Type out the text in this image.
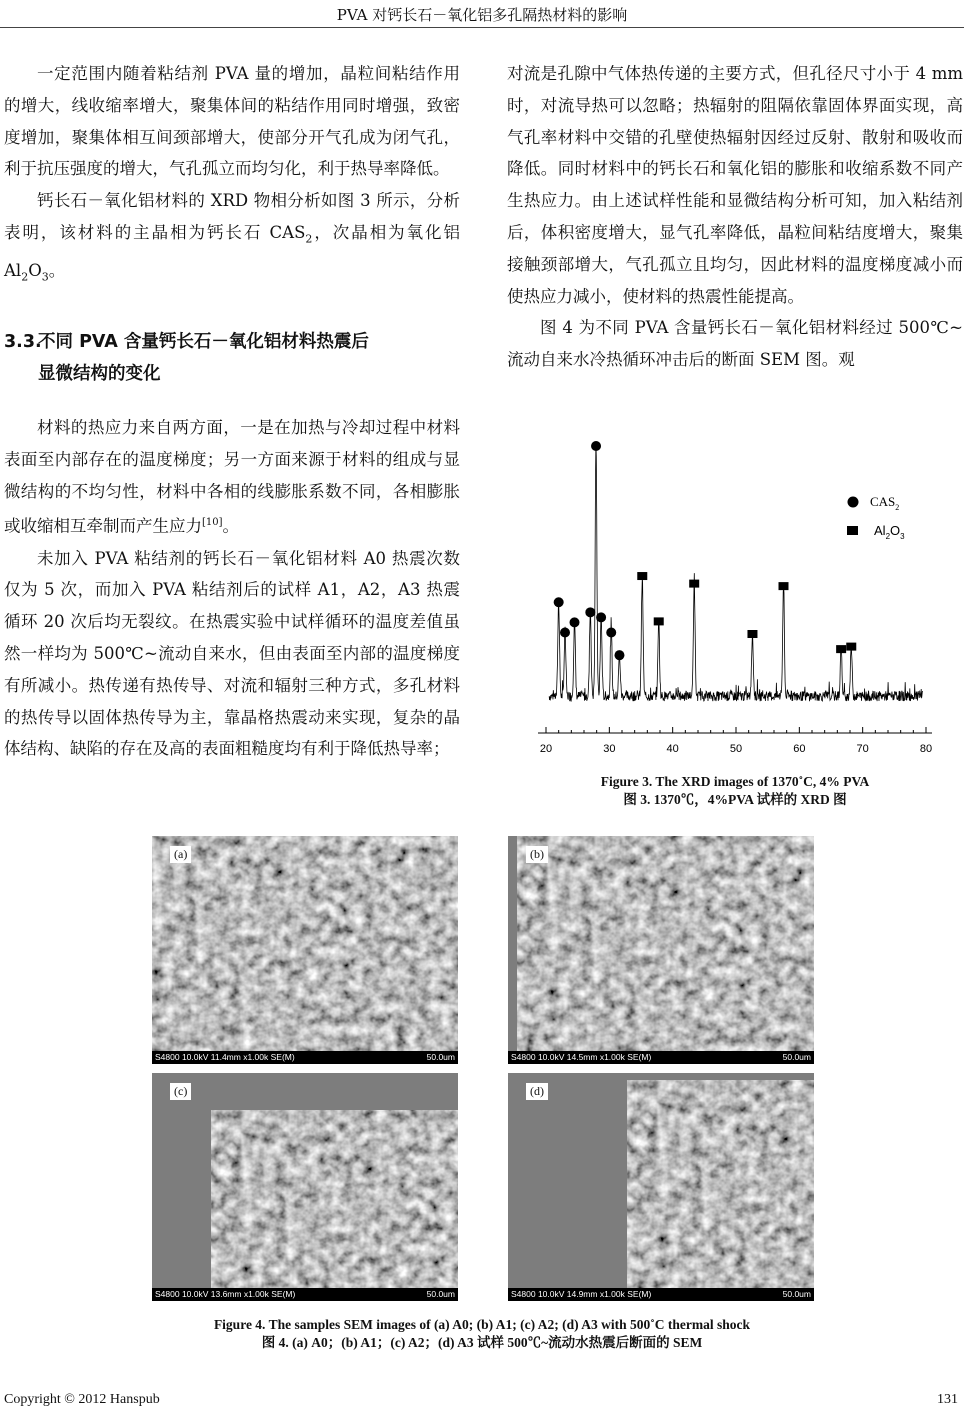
PVA 对钙长石－氧化铝多孔隔热材料的影响

一定范围内随着粘结剂 PVA 量的增加，晶粒间粘结作用的增大，线收缩率增大，聚集体间的粘结作用同时增强，致密度增加，聚集体相互间颈部增大，使部分开气孔成为闭气孔，利于抗压强度的增大，气孔孤立而均匀化，利于热导率降低。

钙长石－氧化铝材料的 XRD 物相分析如图 3 所示，分析表明，该材料的主晶相为钙长石 $CAS_2$，次晶相为氧化铝 $Al_2O_3$。

3.3.不同 PVA 含量钙长石－氧化铝材料热震后
显微结构的变化

材料的热应力来自两方面，一是在加热与冷却过程中材料表面至内部存在的温度梯度；另一方面来源于材料的组成与显微结构的不均匀性，材料中各相的线膨胀系数不同，各相膨胀或收缩相互牵制而产生应力[10]。

未加入 PVA 粘结剂的钙长石－氧化铝材料 A0 热震次数仅为 5 次，而加入 PVA 粘结剂后的试样 A1，A2，A3 热震循环 20 次后均无裂纹。在热震实验中试样循环的温度差值虽然一样均为 500℃~流动自来水，但由表面至内部的温度梯度有所减小。热传递有热传导、对流和辐射三种方式，多孔材料的热传导以固体热传导为主，靠晶格热震动来实现，复杂的晶体结构、缺陷的存在及高的表面粗糙度均有利于降低热导率；

对流是孔隙中气体热传递的主要方式，但孔径尺寸小于 4 mm 时，对流导热可以忽略；热辐射的阻隔依靠固体界面实现，高气孔率材料中交错的孔壁使热辐射因经过反射、散射和吸收而降低。同时材料中的钙长石和氧化铝的膨胀和收缩系数不同产生热应力。由上述试样性能和显微结构分析可知，加入粘结剂后，体积密度增大，显气孔率降低，晶粒间粘结度增大，聚集接触颈部增大，气孔孤立且均匀，因此材料的温度梯度减小而使热应力减小，使材料的热震性能提高。

图 4 为不同 PVA 含量钙长石－氧化铝材料经过 500℃~流动自来水冷热循环冲击后的断面 SEM 图。观

20	30	40	50	60	70	80
$CAS_2$
$Al_2O_3$
Figure 3. The XRD images of 1370˚C, 4% PVA
图 3. 1370℃，4%PVA 试样的 XRD 图
(a)
S4800 10.0kV 11.4mm x1.00k SE(M)	50.0um
(b)
S4800 10.0kV 14.5mm x1.00k SE(M)	50.0um
(c)
S4800 10.0kV 13.6mm x1.00k SE(M)	50.0um
(d)
S4800 10.0kV 14.9mm x1.00k SE(M)	50.0um
Figure 4. The samples SEM images of (a) A0; (b) A1; (c) A2; (d) A3 with 500˚C thermal shock
图 4. (a) A0；(b) A1；(c) A2；(d) A3 试样 500℃~流动水热震后断面的 SEM
Copyright © 2012 Hanspub	131
